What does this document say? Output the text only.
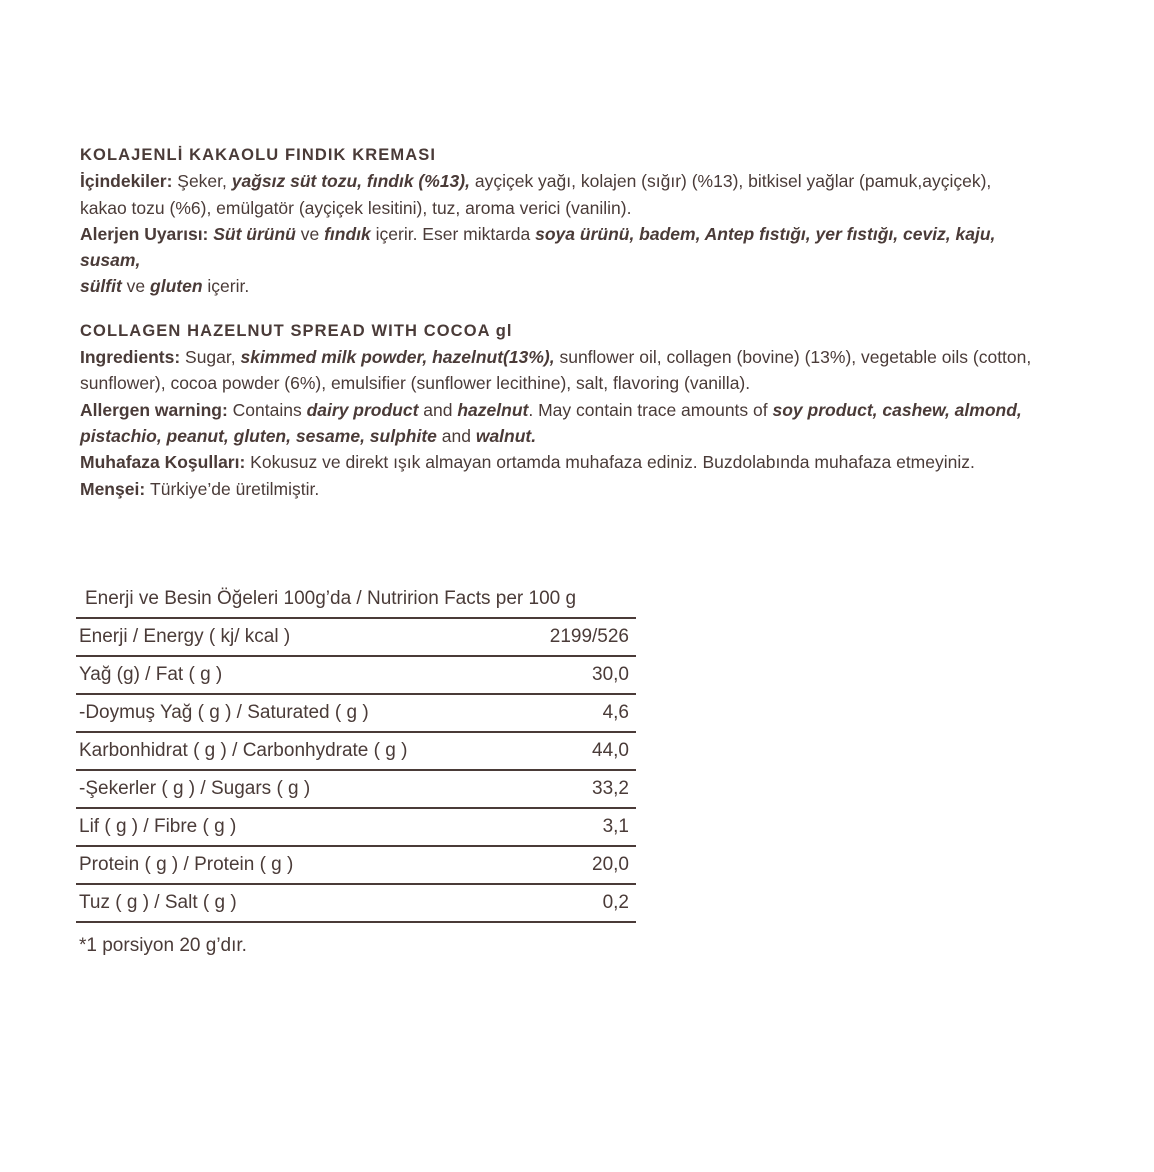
KOLAJENLİ KAKAOLU FINDIK KREMASI

İçindekiler: Şeker, yağsız süt tozu, fındık (%13), ayçiçek yağı, kolajen (sığır) (%13), bitkisel yağlar (pamuk,ayçiçek),
kakao tozu (%6), emülgatör (ayçiçek lesitini), tuz, aroma verici (vanilin).

Alerjen Uyarısı: Süt ürünü ve fındık içerir. Eser miktarda soya ürünü, badem, Antep fıstığı, yer fıstığı, ceviz, kaju, susam,
sülfit ve gluten içerir.

COLLAGEN HAZELNUT SPREAD WITH COCOA gl

Ingredients: Sugar, skimmed milk powder, hazelnut(13%), sunflower oil, collagen (bovine) (13%), vegetable oils (cotton,
sunflower), cocoa powder (6%), emulsifier (sunflower lecithine), salt, flavoring (vanilla).

Allergen warning: Contains dairy product and hazelnut. May contain trace amounts of soy product, cashew, almond,
pistachio, peanut, gluten, sesame, sulphite and walnut.

Muhafaza Koşulları: Kokusuz ve direkt ışık almayan ortamda muhafaza ediniz. Buzdolabında muhafaza etmeyiniz.

Menşei: Türkiye’de üretilmiştir.

Enerji ve Besin Öğeleri 100g’da / Nutririon Facts per 100 g
Enerji / Energy ( kj/ kcal )	2199/526
Yağ (g) / Fat ( g )	30,0
-Doymuş Yağ ( g ) / Saturated ( g )	4,6
Karbonhidrat ( g ) / Carbonhydrate ( g )	44,0
-Şekerler ( g ) / Sugars ( g )	33,2
Lif ( g ) / Fibre ( g )	3,1
Protein ( g ) / Protein ( g )	20,0
Tuz ( g ) / Salt ( g )	0,2

*1 porsiyon 20 g’dır.
